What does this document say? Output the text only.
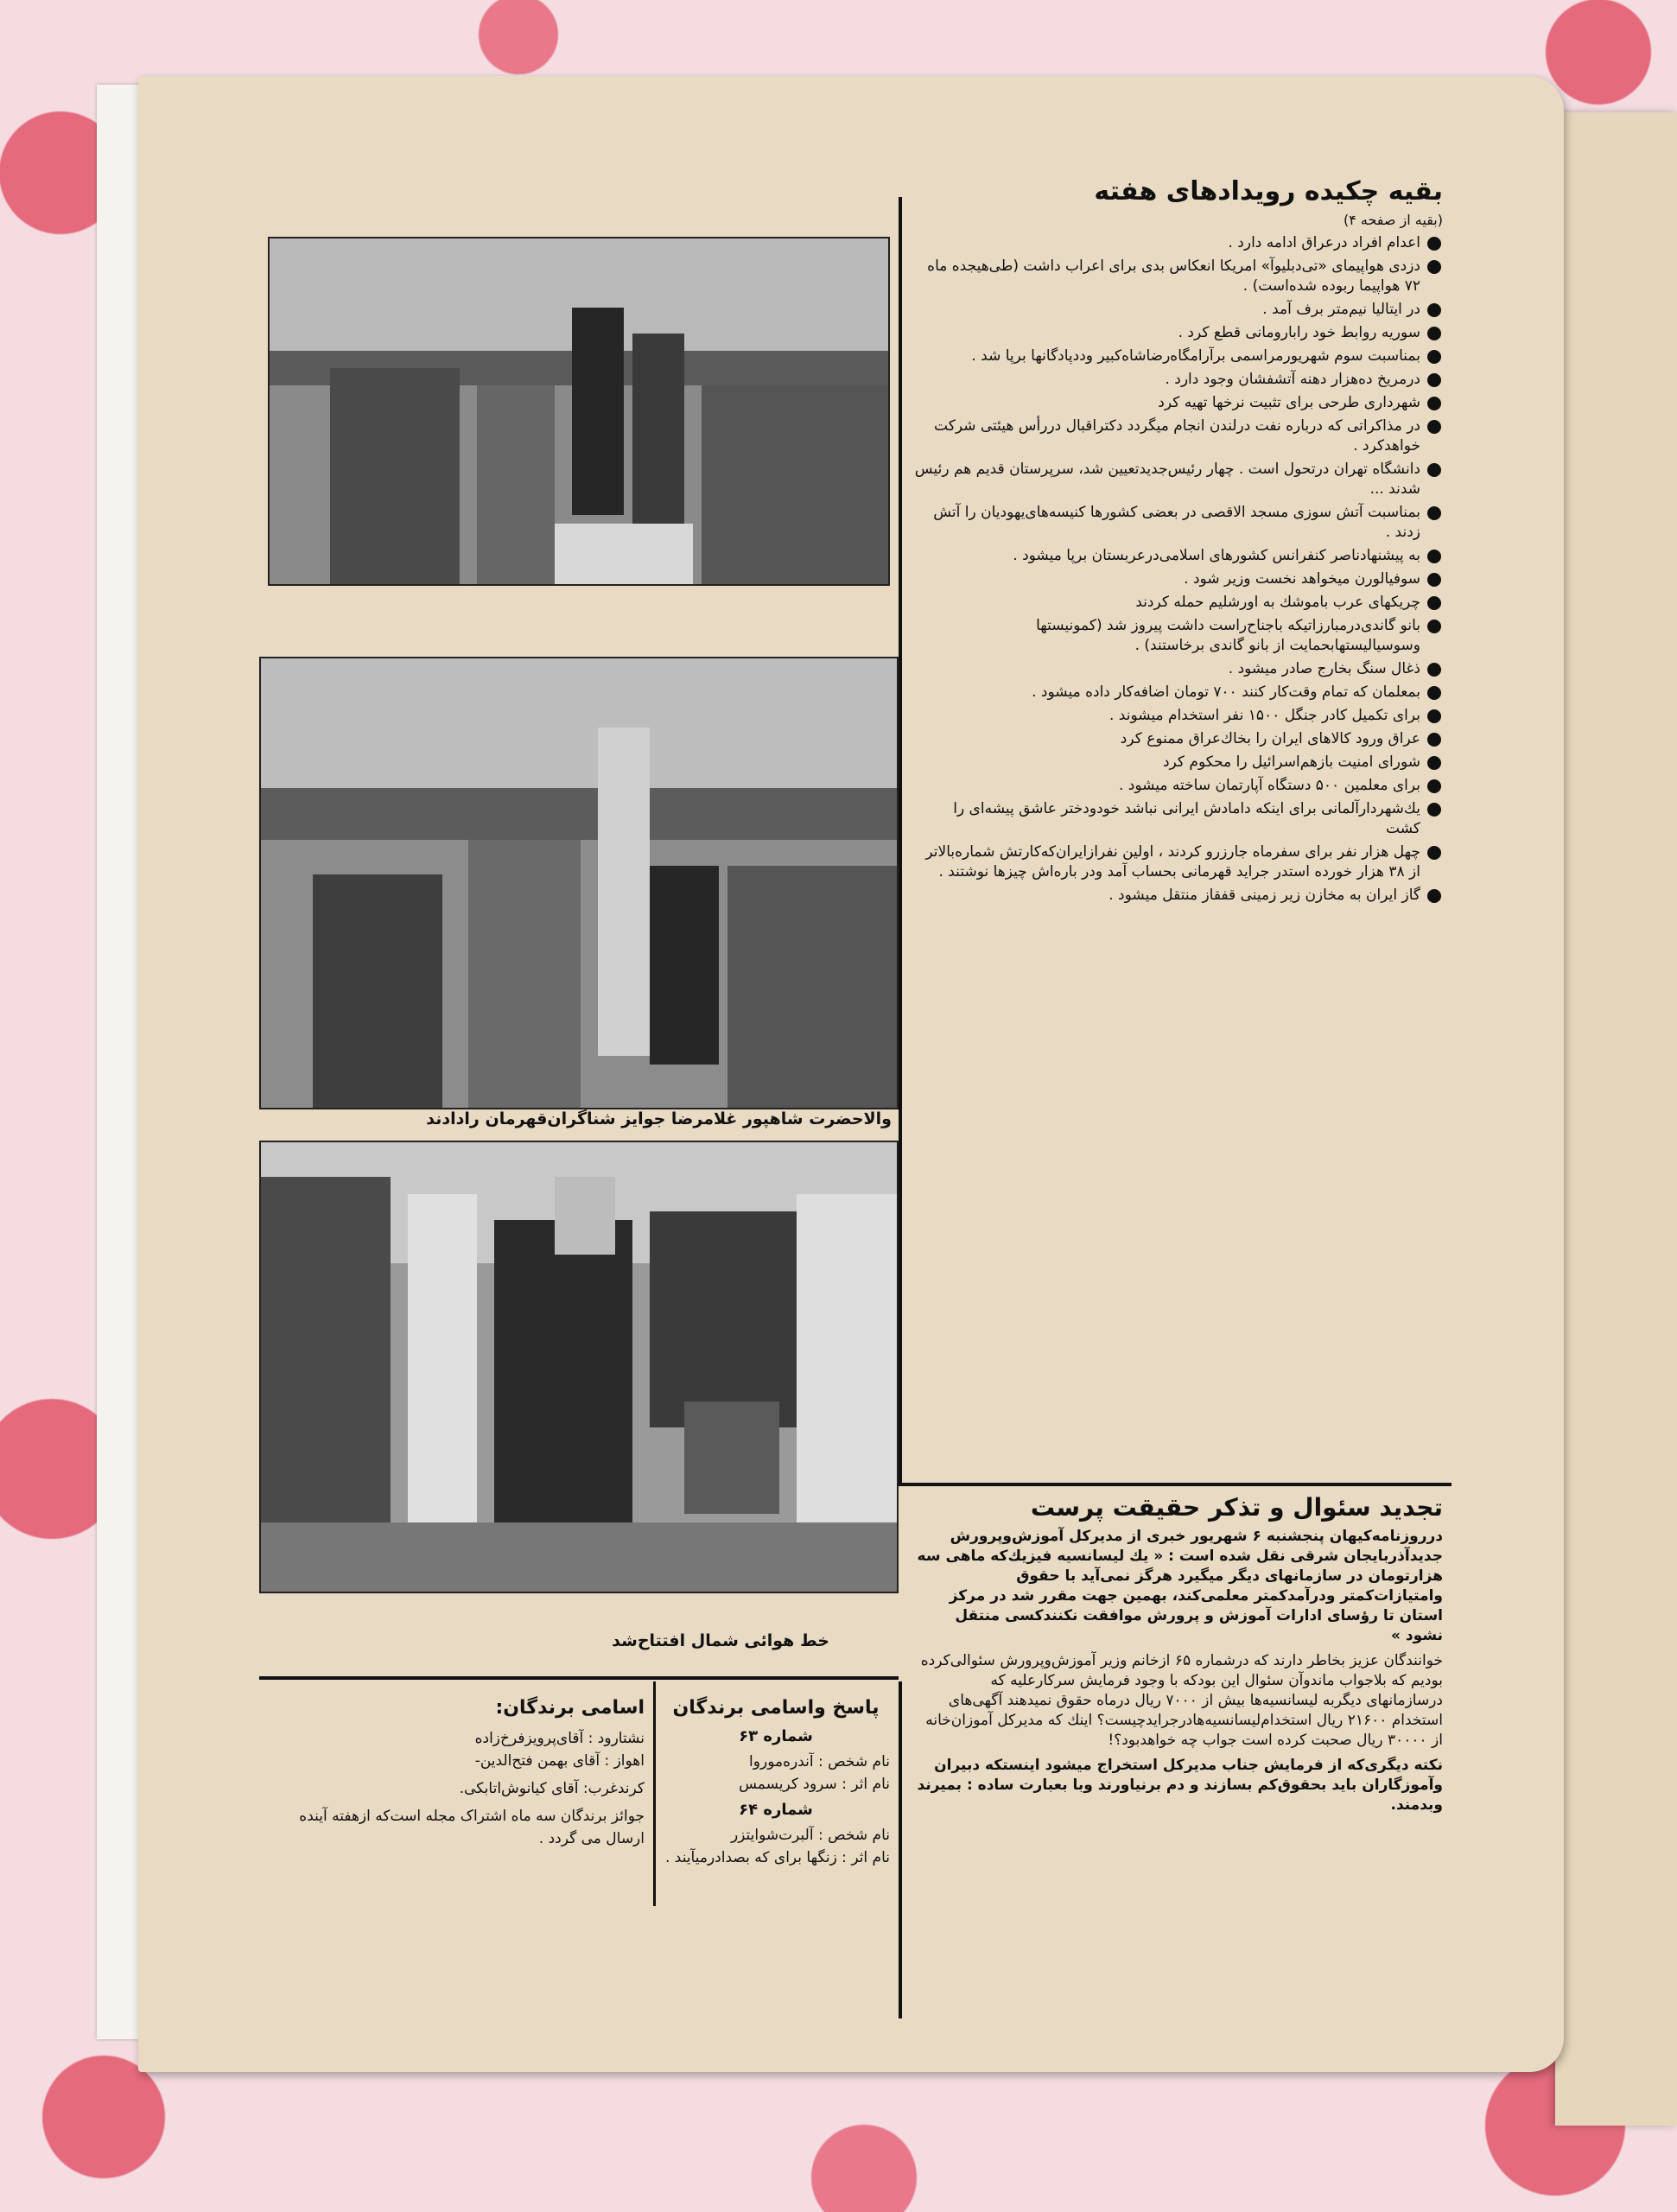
والاحضرت شاهپور غلامرضا جوایز شناگران‌قهرمان رادادند
خط هوائی شمال افتتاح‌شد
بقیه چکیده رویدادهای هفته
(بقیه از صفحه ۴)
اعدام افراد درعراق ادامه دارد .
دزدی هواپیمای «تی‌دبلیوآ» امریکا انعکاس بدی برای اعراب داشت (طی‌هیجده ماه ۷۲ هواپیما ربوده شده‌است) .
در ایتالیا نیم‌متر برف آمد .
سوریه روابط خود رابارومانی قطع کرد .
بمناسبت سوم شهریورمراسمی برآرامگاه‌رضاشاه‌کبیر وددپادگانها برپا شد .
درمریخ ده‌هزار دهنه آتشفشان وجود دارد .
شهرداری طرحی برای تثبیت نرخها تهیه کرد
در مذاکراتی که درباره نفت درلندن انجام میگردد دکتراقبال دررأس هیئتی شرکت خواهدکرد .
دانشگاه تهران درتحول است . چهار رئیس‌جدیدتعیین شد، سرپرستان قدیم هم رئیس شدند ...
بمناسبت آتش سوزی مسجد الاقصی در بعضی کشورها کنیسه‌های‌یهودیان را آتش زدند .
به پیشنهادناصر کنفرانس کشورهای اسلامی‌درعربستان برپا میشود .
سوفیالورن میخواهد نخست وزیر شود .
چریکهای عرب باموشك به اورشلیم حمله کردند
بانو گاندی‌درمبارزاتیکه باجناح‌راست داشت پیروز شد (کمونیستها وسوسیالیستهابحمایت از بانو گاندی برخاستند) .
ذغال سنگ بخارج صادر میشود .
بمعلمان که تمام وقت‌کار کنند ۷۰۰ تومان اضافه‌کار داده میشود .
برای تکمیل کادر جنگل ۱۵۰۰ نفر استخدام میشوند .
عراق ورود کالاهای ایران را بخاك‌عراق ممنوع کرد
شورای امنیت بازهم‌اسرائیل را محکوم کرد
برای معلمین ۵۰۰ دستگاه آپارتمان ساخته میشود .
یك‌شهردارآلمانی برای اینکه دامادش ایرانی نباشد خودودختر عاشق پیشه‌ای را کشت
چهل هزار نفر برای سفرماه جارزرو کردند ، اولین نفرازایران‌که‌کارتش شماره‌بالاتر از ۳۸ هزار خورده استدر جراید قهرمانی بحساب آمد ودر باره‌اش چیزها نوشتند .
گاز ایران به مخازن زیر زمینی قفقاز منتقل میشود .
تجدید سئوال و تذکر حقیقت پرست
درروزنامه‌کیهان پنجشنبه ۶ شهریور خبری از مدیرکل آموزش‌وپرورش جدیدآذربایجان شرقی نقل شده است : « یك لیسانسیه فیزیك‌که ماهی سه هزارتومان در سازمانهای دیگر میگیرد هرگز نمی‌آید با حقوق وامتیازات‌کمتر ودرآمدکمتر معلمی‌کند، بهمین جهت مقرر شد در مرکز استان تا رؤسای ادارات آموزش و پرورش موافقت نکنند‌کسی منتقل نشود »
خوانندگان عزیز بخاطر دارند که درشماره ۶۵ ازخانم وزیر آموزش‌وپرورش سئوالی‌کرده بودیم که بلاجواب ماندوآن سئوال این بود‌که با وجود فرمایش سرکارعلیه که درسازمانهای دیگربه لیسانسیه‌ها بیش از ۷۰۰۰ ریال درماه حقوق نمیدهند آگهی‌های استخدام ۲۱۶۰۰ ریال استخدام‌لیسانسیه‌هادرجرایدچیست؟ اینك که مدیرکل آموزان‌خانه از ۳۰۰۰۰ ریال صحبت کرده است جواب چه خواهدبود؟!
نکته دیگری‌که از فرمایش جناب مدیرکل استخراج میشود اینستکه دبیران وآموزگاران باید بحقوق‌کم بسازند و دم برنیاورند وبا بعبارت ساده : بمیرند وبدمند.
پاسخ واسامی برندگان
شماره ۶۳
نام شخص : آندره‌موروا
نام اثر : سرود کریسمس
شماره ۶۴
نام شخص : آلبرت‌شوایتزر
نام اثر : زنگها برای که بصدادرمیآیند .
اسامی برندگان:
نشتارود : آقای‌پرویزفرخ‌زاده
اهواز : آقای بهمن فتح‌الدین-
کرندغرب: آقای کیانوش‌اتابکی.
جوائز برندگان سه ماه اشتراک مجله است‌که ازهفته آینده ارسال می گردد .
